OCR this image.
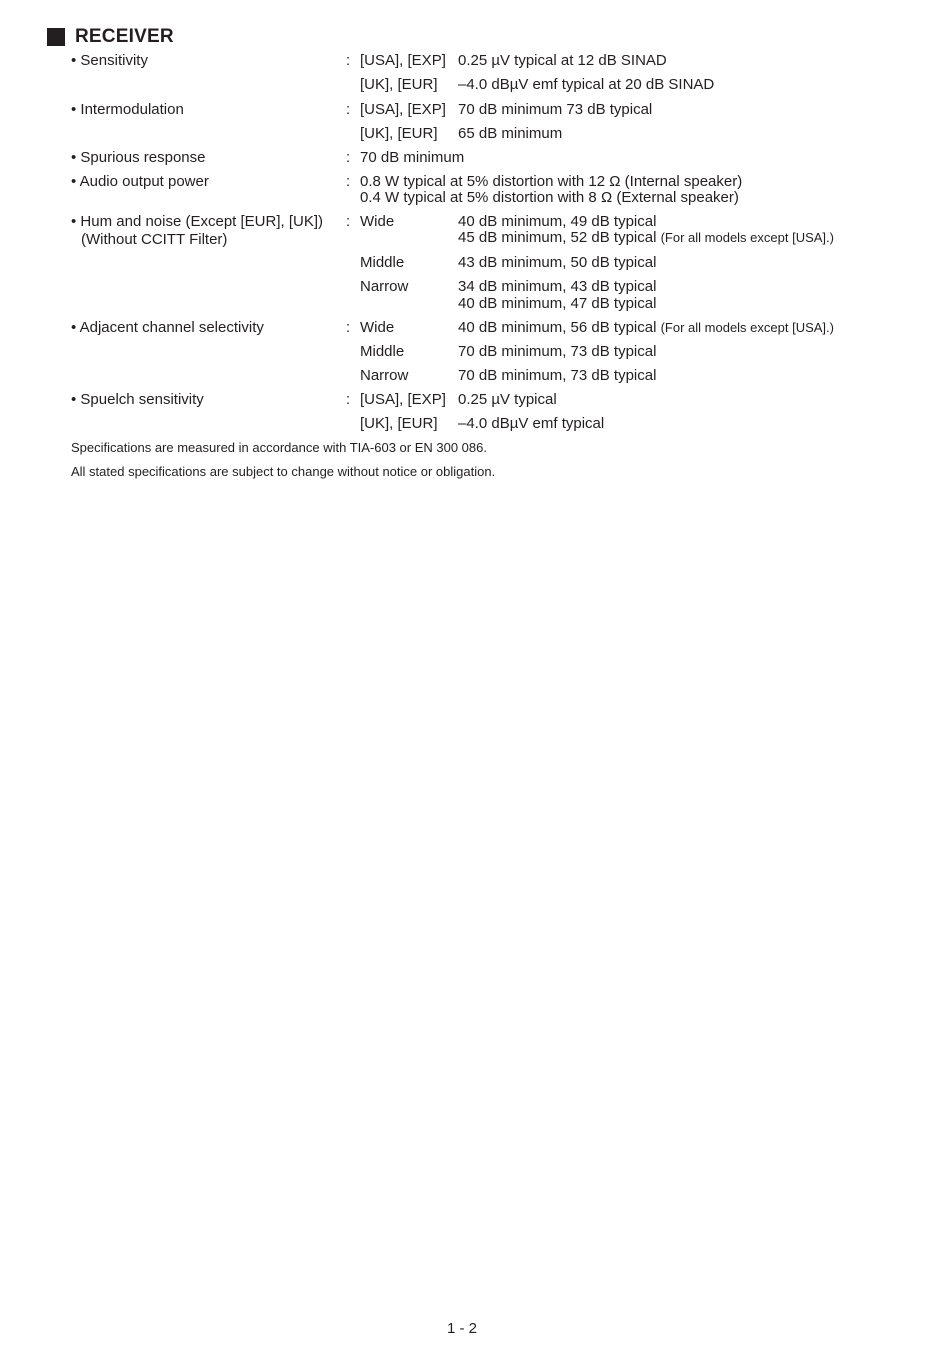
RECEIVER
• Sensitivity	: [USA], [EXP] 0.25 µV typical at 12 dB SINAD
[UK], [EUR] –4.0 dBµV emf typical at 20 dB SINAD
• Intermodulation	: [USA], [EXP] 70 dB minimum 73 dB typical
[UK], [EUR] 65 dB minimum
• Spurious response	: 70 dB minimum
• Audio output power	: 0.8 W typical at 5% distortion with 12 Ω (Internal speaker)
0.4 W typical at 5% distortion with 8 Ω (External speaker)
• Hum and noise (Except [EUR], [UK])
(Without CCITT Filter)
: Wide	40 dB minimum, 49 dB typical
45 dB minimum, 52 dB typical (For all models except [USA].)
Middle	43 dB minimum, 50 dB typical
Narrow	34 dB minimum, 43 dB typical
40 dB minimum, 47 dB typical
• Adjacent channel selectivity	: Wide	40 dB minimum, 56 dB typical (For all models except [USA].)
Middle	70 dB minimum, 73 dB typical
Narrow	70 dB minimum, 73 dB typical
• Spuelch sensitivity	: [USA], [EXP] 0.25 µV typical
[UK], [EUR] –4.0 dBµV emf typical
Specifications are measured in accordance with TIA-603 or EN 300 086.
All stated specifications are subject to change without notice or obligation.
1 - 2
